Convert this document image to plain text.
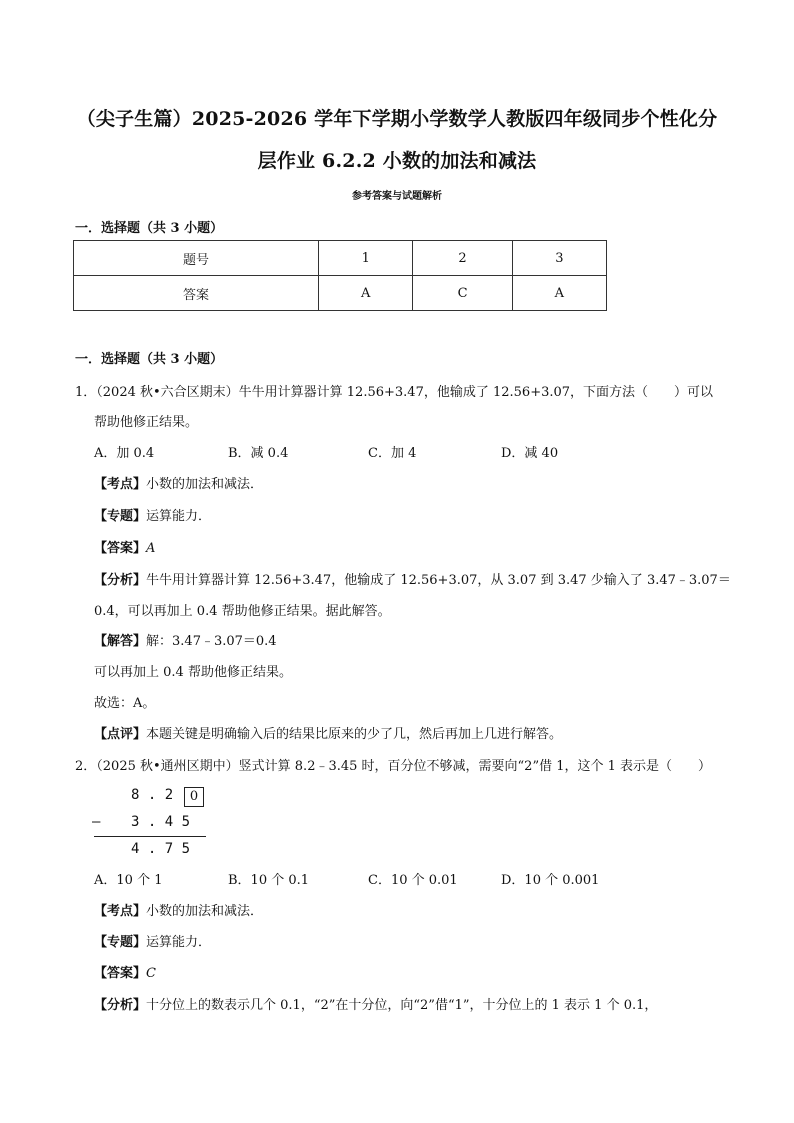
（尖子生篇）2025-2026 学年下学期小学数学人教版四年级同步个性化分
层作业 6.2.2 小数的加法和减法
参考答案与试题解析
一．选择题（共 3 小题）
题号	1	2	3
答案	A	C	A
一．选择题（共 3 小题）
1．（2024 秋•六合区期末）牛牛用计算器计算 12.56+3.47，他输成了 12.56+3.07，下面方法（　　）可以
帮助他修正结果。
A．加 0.4	B．减 0.4	C．加 4	D．减 40
【考点】小数的加法和减法．
【专题】运算能力．
【答案】A
【分析】牛牛用计算器计算 12.56+3.47，他输成了 12.56+3.07，从 3.07 到 3.47 少输入了 3.47﹣3.07＝
0.4，可以再加上 0.4 帮助他修正结果。据此解答。
【解答】解：3.47﹣3.07＝0.4
可以再加上 0.4 帮助他修正结果。
故选：A。
【点评】本题关键是明确输入后的结果比原来的少了几，然后再加上几进行解答。
2．（2025 秋•通州区期中）竖式计算 8.2﹣3.45 时，百分位不够减，需要向“2”借 1，这个 1 表示是（　　）
8 . 2	0
— 3 . 4 5
4 . 7 5
A．10 个 1	B．10 个 0.1	C．10 个 0.01	D．10 个 0.001
【考点】小数的加法和减法．
【专题】运算能力．
【答案】C
【分析】十分位上的数表示几个 0.1，“2”在十分位，向“2”借“1”，十分位上的 1 表示 1 个 0.1，
